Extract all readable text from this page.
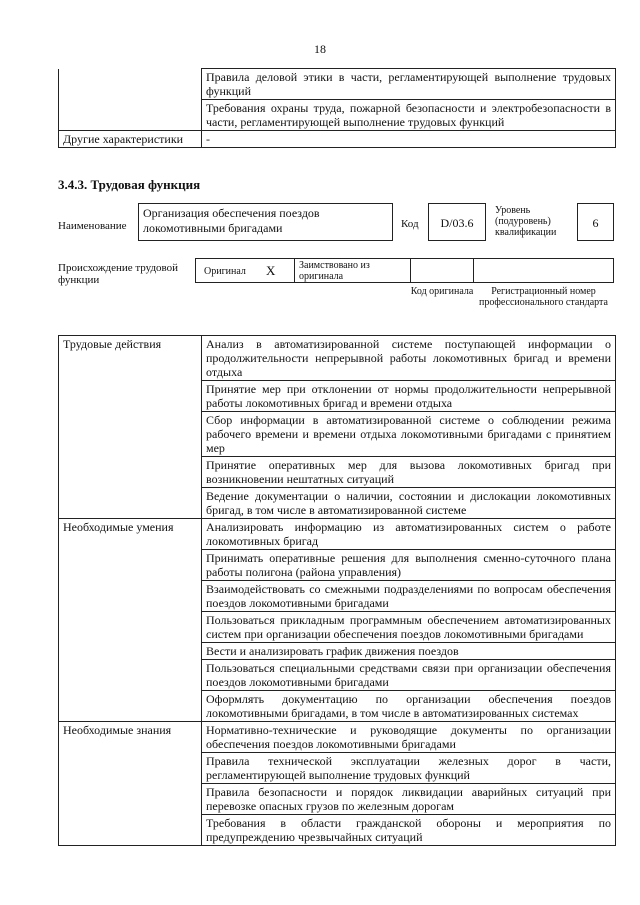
18
	Правила деловой этики в части, регламентирующей выполнение трудовых функций
	Требования охраны труда, пожарной безопасности и электробезопасности в части, регламентирующей выполнение трудовых функций
Другие характеристики	-
3.4.3. Трудовая функция
Наименование
Организация обеспечения поездов локомотивными бригадами	Код	D/03.6
Уровень (подуровень) квалификации
6
Происхождение трудовой функции
Оригинал X	Заимствовано из оригинала
Код оригинала	Регистрационный номер профессионального стандарта
Трудовые действия	Анализ в автоматизированной системе поступающей информации о продолжительности непрерывной работы локомотивных бригад и времени отдыха
	Принятие мер при отклонении от нормы продолжительности непрерывной работы локомотивных бригад и времени отдыха
	Сбор информации в автоматизированной системе о соблюдении режима рабочего времени и времени отдыха локомотивными бригадами с принятием мер
	Принятие оперативных мер для вызова локомотивных бригад при возникновении нештатных ситуаций
	Ведение документации о наличии, состоянии и дислокации локомотивных бригад, в том числе в автоматизированной системе
Необходимые умения	Анализировать информацию из автоматизированных систем о работе локомотивных бригад
	Принимать оперативные решения для выполнения сменно-суточного плана работы полигона (района управления)
	Взаимодействовать со смежными подразделениями по вопросам обеспечения поездов локомотивными бригадами
	Пользоваться прикладным программным обеспечением автоматизированных систем при организации обеспечения поездов локомотивными бригадами
	Вести и анализировать график движения поездов
	Пользоваться специальными средствами связи при организации обеспечения поездов локомотивными бригадами
	Оформлять документацию по организации обеспечения поездов локомотивными бригадами, в том числе в автоматизированных системах
Необходимые знания	Нормативно-технические и руководящие документы по организации обеспечения поездов локомотивными бригадами
	Правила технической эксплуатации железных дорог в части, регламентирующей выполнение трудовых функций
	Правила безопасности и порядок ликвидации аварийных ситуаций при перевозке опасных грузов по железным дорогам
	Требования в области гражданской обороны и мероприятия по предупреждению чрезвычайных ситуаций
